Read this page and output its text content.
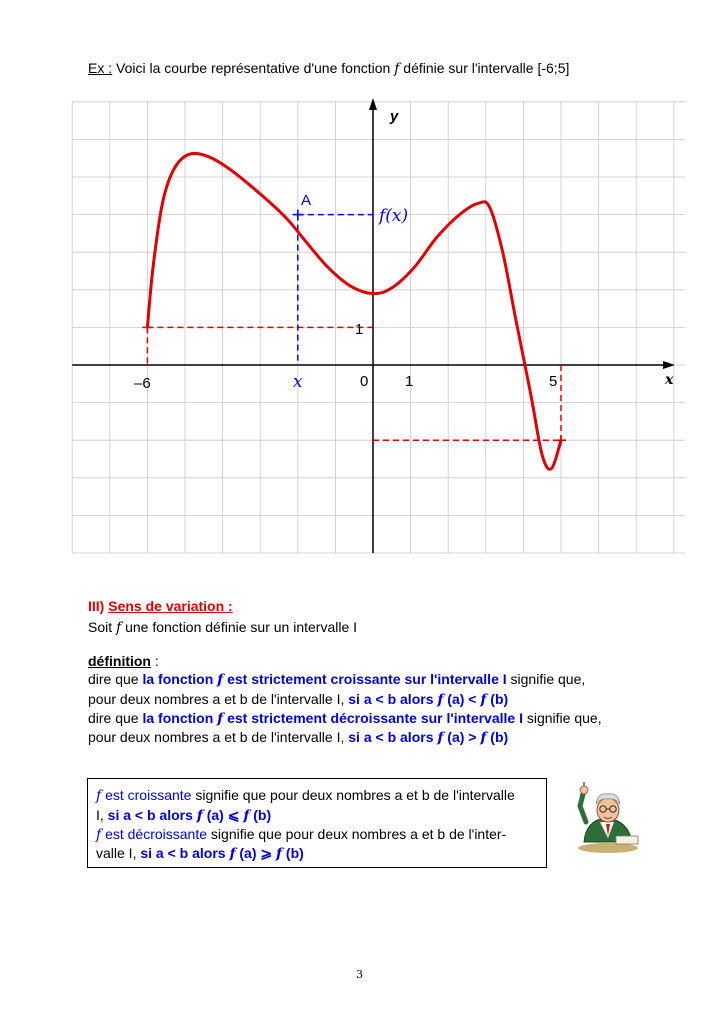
Ex : Voici la courbe représentative d'une fonction f définie sur l'intervalle [-6;5]
y
x
–6	0 1	5
1
A
x
f(x)
III) Sens de variation :
Soit f une fonction définie sur un intervalle I
définition :
dire que la fonction f est strictement croissante sur l'intervalle I signifie que,
pour deux nombres a et b de l'intervalle I, si a < b alors f (a) < f (b)
dire que la fonction f est strictement décroissante sur l'intervalle I signifie que,
pour deux nombres a et b de l'intervalle I, si a < b alors f (a) > f (b)
f est croissante signifie que pour deux nombres a et b de l'intervalle
I, si a < b alors f (a) ⩽ f (b)
f est décroissante signifie que pour deux nombres a et b de l'inter-
valle I, si a < b alors f (a) ⩾ f (b)
3
